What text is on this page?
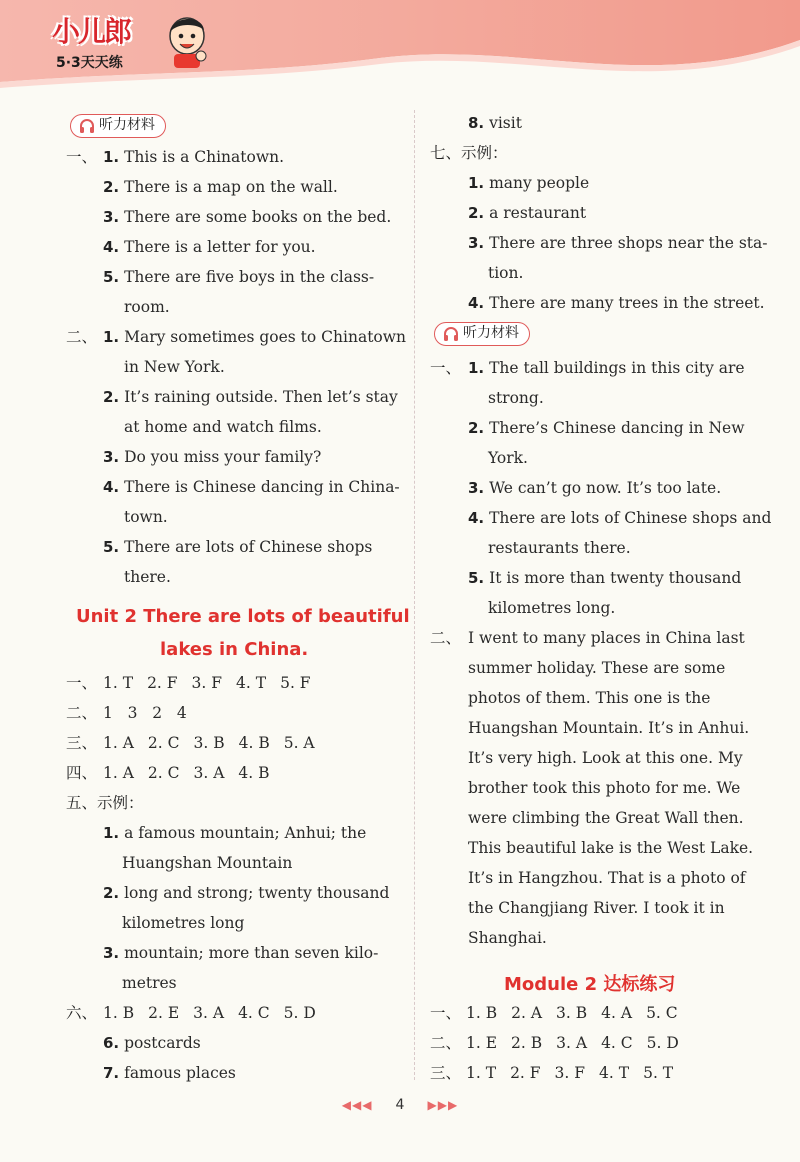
小儿郎
5·3天天练
听力材料
一、 1. This is a Chinatown.
2. There is a map on the wall.
3. There are some books on the bed.
4. There is a letter for you.
5. There are five boys in the class-
room.
二、 1. Mary sometimes goes to Chinatown
in New York.
2. It’s raining outside. Then let’s stay
at home and watch films.
3. Do you miss your family?
4. There is Chinese dancing in China-
town.
5. There are lots of Chinese shops
there.
Unit 2 There are lots of beautiful
lakes in China.
一、 1. T 2. F 3. F 4. T 5. F
二、 1   3   2   4
三、 1. A 2. C 3. B 4. B 5. A
四、 1. A 2. C 3. A 4. B
五、示例：
1. a famous mountain; Anhui; the
Huangshan Mountain
2. long and strong; twenty thousand
kilometres long
3. mountain; more than seven kilo-
metres
六、 1. B 2. E 3. A 4. C 5. D
6. postcards
7. famous places
8. visit
七、示例：
1. many people
2. a restaurant
3. There are three shops near the sta-
tion.
4. There are many trees in the street.
听力材料
一、 1. The tall buildings in this city are
strong.
2. There’s Chinese dancing in New
York.
3. We can’t go now. It’s too late.
4. There are lots of Chinese shops and
restaurants there.
5. It is more than twenty thousand
kilometres long.
二、 I went to many places in China last
summer holiday. These are some
photos of them. This one is the
Huangshan Mountain. It’s in Anhui.
It’s very high. Look at this one. My
brother took this photo for me. We
were climbing the Great Wall then.
This beautiful lake is the West Lake.
It’s in Hangzhou. That is a photo of
the Changjiang River. I took it in
Shanghai.
Module 2 达标练习
一、 1. B 2. A 3. B 4. A 5. C
二、 1. E 2. B 3. A 4. C 5. D
三、 1. T 2. F 3. F 4. T 5. T
◀◀◀ 4 ▶▶▶
